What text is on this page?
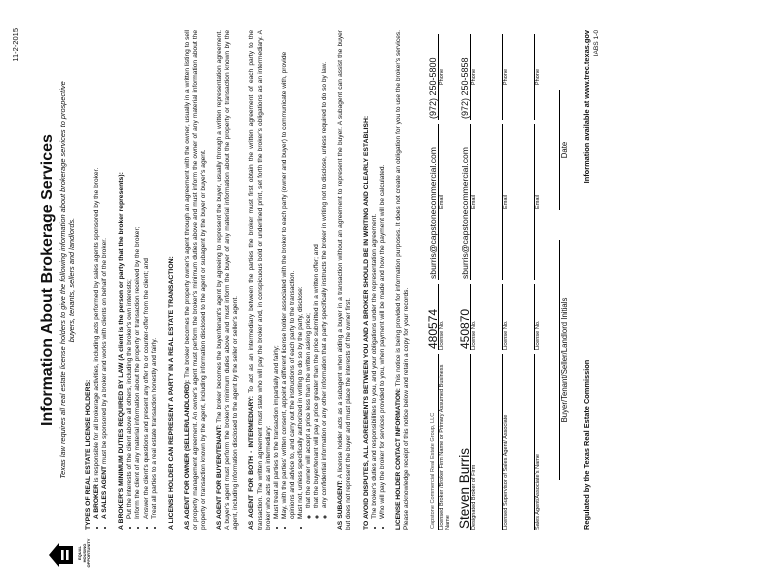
11-2-2015
EQUAL HOUSING OPPORTUNITY
Information About Brokerage Services Texas law requires all real estate license holders to give the following information about brokerage services to prospective buyers, tenants, sellers and landlords.
TYPES OF REAL ESTATE LICENSE HOLDERS: • A BROKER is responsible for all brokerage activities, including acts performed by sales agents sponsored by the broker.
• A SALES AGENT must be sponsored by a broker and works with clients on behalf of the broker. A BROKER'S MINIMUM DUTIES REQUIRED BY LAW (A client is the person or party that the broker represents): • Put the interests of the client above all others, including the broker's own interests; • Inform the client of any material information about the property or transaction received by the broker; • Answer the client's questions and present any offer to or counter-offer from the client; and • Treat all parties to a real estate transaction honestly and fairly. A LICENSE HOLDER CAN REPRESENT A PARTY IN A REAL ESTATE TRANSACTION: AS AGENT FOR OWNER (SELLER/LANDLORD): The broker becomes the property owner's agent through an agreement with the owner, usually in a written listing to sell or property management agreement. An owner's agent must perform the broker's minimum duties above and must inform the owner of any material information about the property or transaction known by the agent, including information disclosed to the agent or subagent by the buyer or buyer's agent. AS AGENT FOR BUYER/TENANT: The broker becomes the buyer/tenant's agent by agreeing to represent the buyer, usually through a written representation agreement. A buyer's agent must perform the broker's minimum duties above and must inform the buyer of any material information about the property or transaction known by the agent, including information disclosed to the agent by the seller or seller's agent. AS AGENT FOR BOTH - INTERMEDIARY: To act as an intermediary between the parties the broker must first obtain the written agreement of each party to the transaction. The written agreement must state who will pay the broker and, in conspicuous bold or underlined print, set forth the broker's obligations as an intermediary. A broker who acts as an intermediary: • Must treat all parties to the transaction impartially and fairly; • May, with the parties' written consent, appoint a different license holder associated with the broker to each party (owner and buyer) to communicate with, provide opinions and advice to, and carry out the instructions of each party to the transaction. • Must not, unless specifically authorized in writing to do so by the party, disclose: ◦ that the owner will accept a price less than the written asking price; ◦ that the buyer/tenant will pay a price greater than the price submitted in a written offer; and ◦ any confidential information or any other information that a party specifically instructs the broker in writing not to disclose, unless required to do so by law. AS SUBAGENT: A license holder acts as a subagent when aiding a buyer in a transaction without an agreement to represent the buyer. A subagent can assist the buyer but does not represent the buyer and must place the interests of the owner first. TO AVOID DISPUTES, ALL AGREEMENTS BETWEEN YOU AND A BROKER SHOULD BE IN WRITING AND CLEARLY ESTABLISH: • The broker's duties and responsibilities to you, and your obligations under the representation agreement. • Who will pay the broker for services provided to you, when payment will be made and how the payment will be calculated. LICENSE HOLDER CONTACT INFORMATION: This notice is being provided for information purposes. It does not create an obligation for you to use the broker's services. Please acknowledge receipt of this notice below and retain a copy for your records.	Capstone Commercial Real Estate Group, LLC	480574	sburris@capstonecommercial.com	(972) 250-5800

Licensed Broker /Broker Firm Name or Primary Assumed Business Name	License No.	Email	Phone

Steven Burris	450870	sburris@capstonecommercial.com	(972) 250-5858

Designated Broker of Firm	License No.	Email	Phone

Licensed Supervisor of Sales Agent/ Associate	License No.	Email	Phone

Sales Agent/Associate's Name	License No.	Email	Phone
Buyer/Tenant/Seller/Landlord Initials
Date
Regulated by the Texas Real Estate Commission
Information available at www.trec.texas.gov IABS 1-0
